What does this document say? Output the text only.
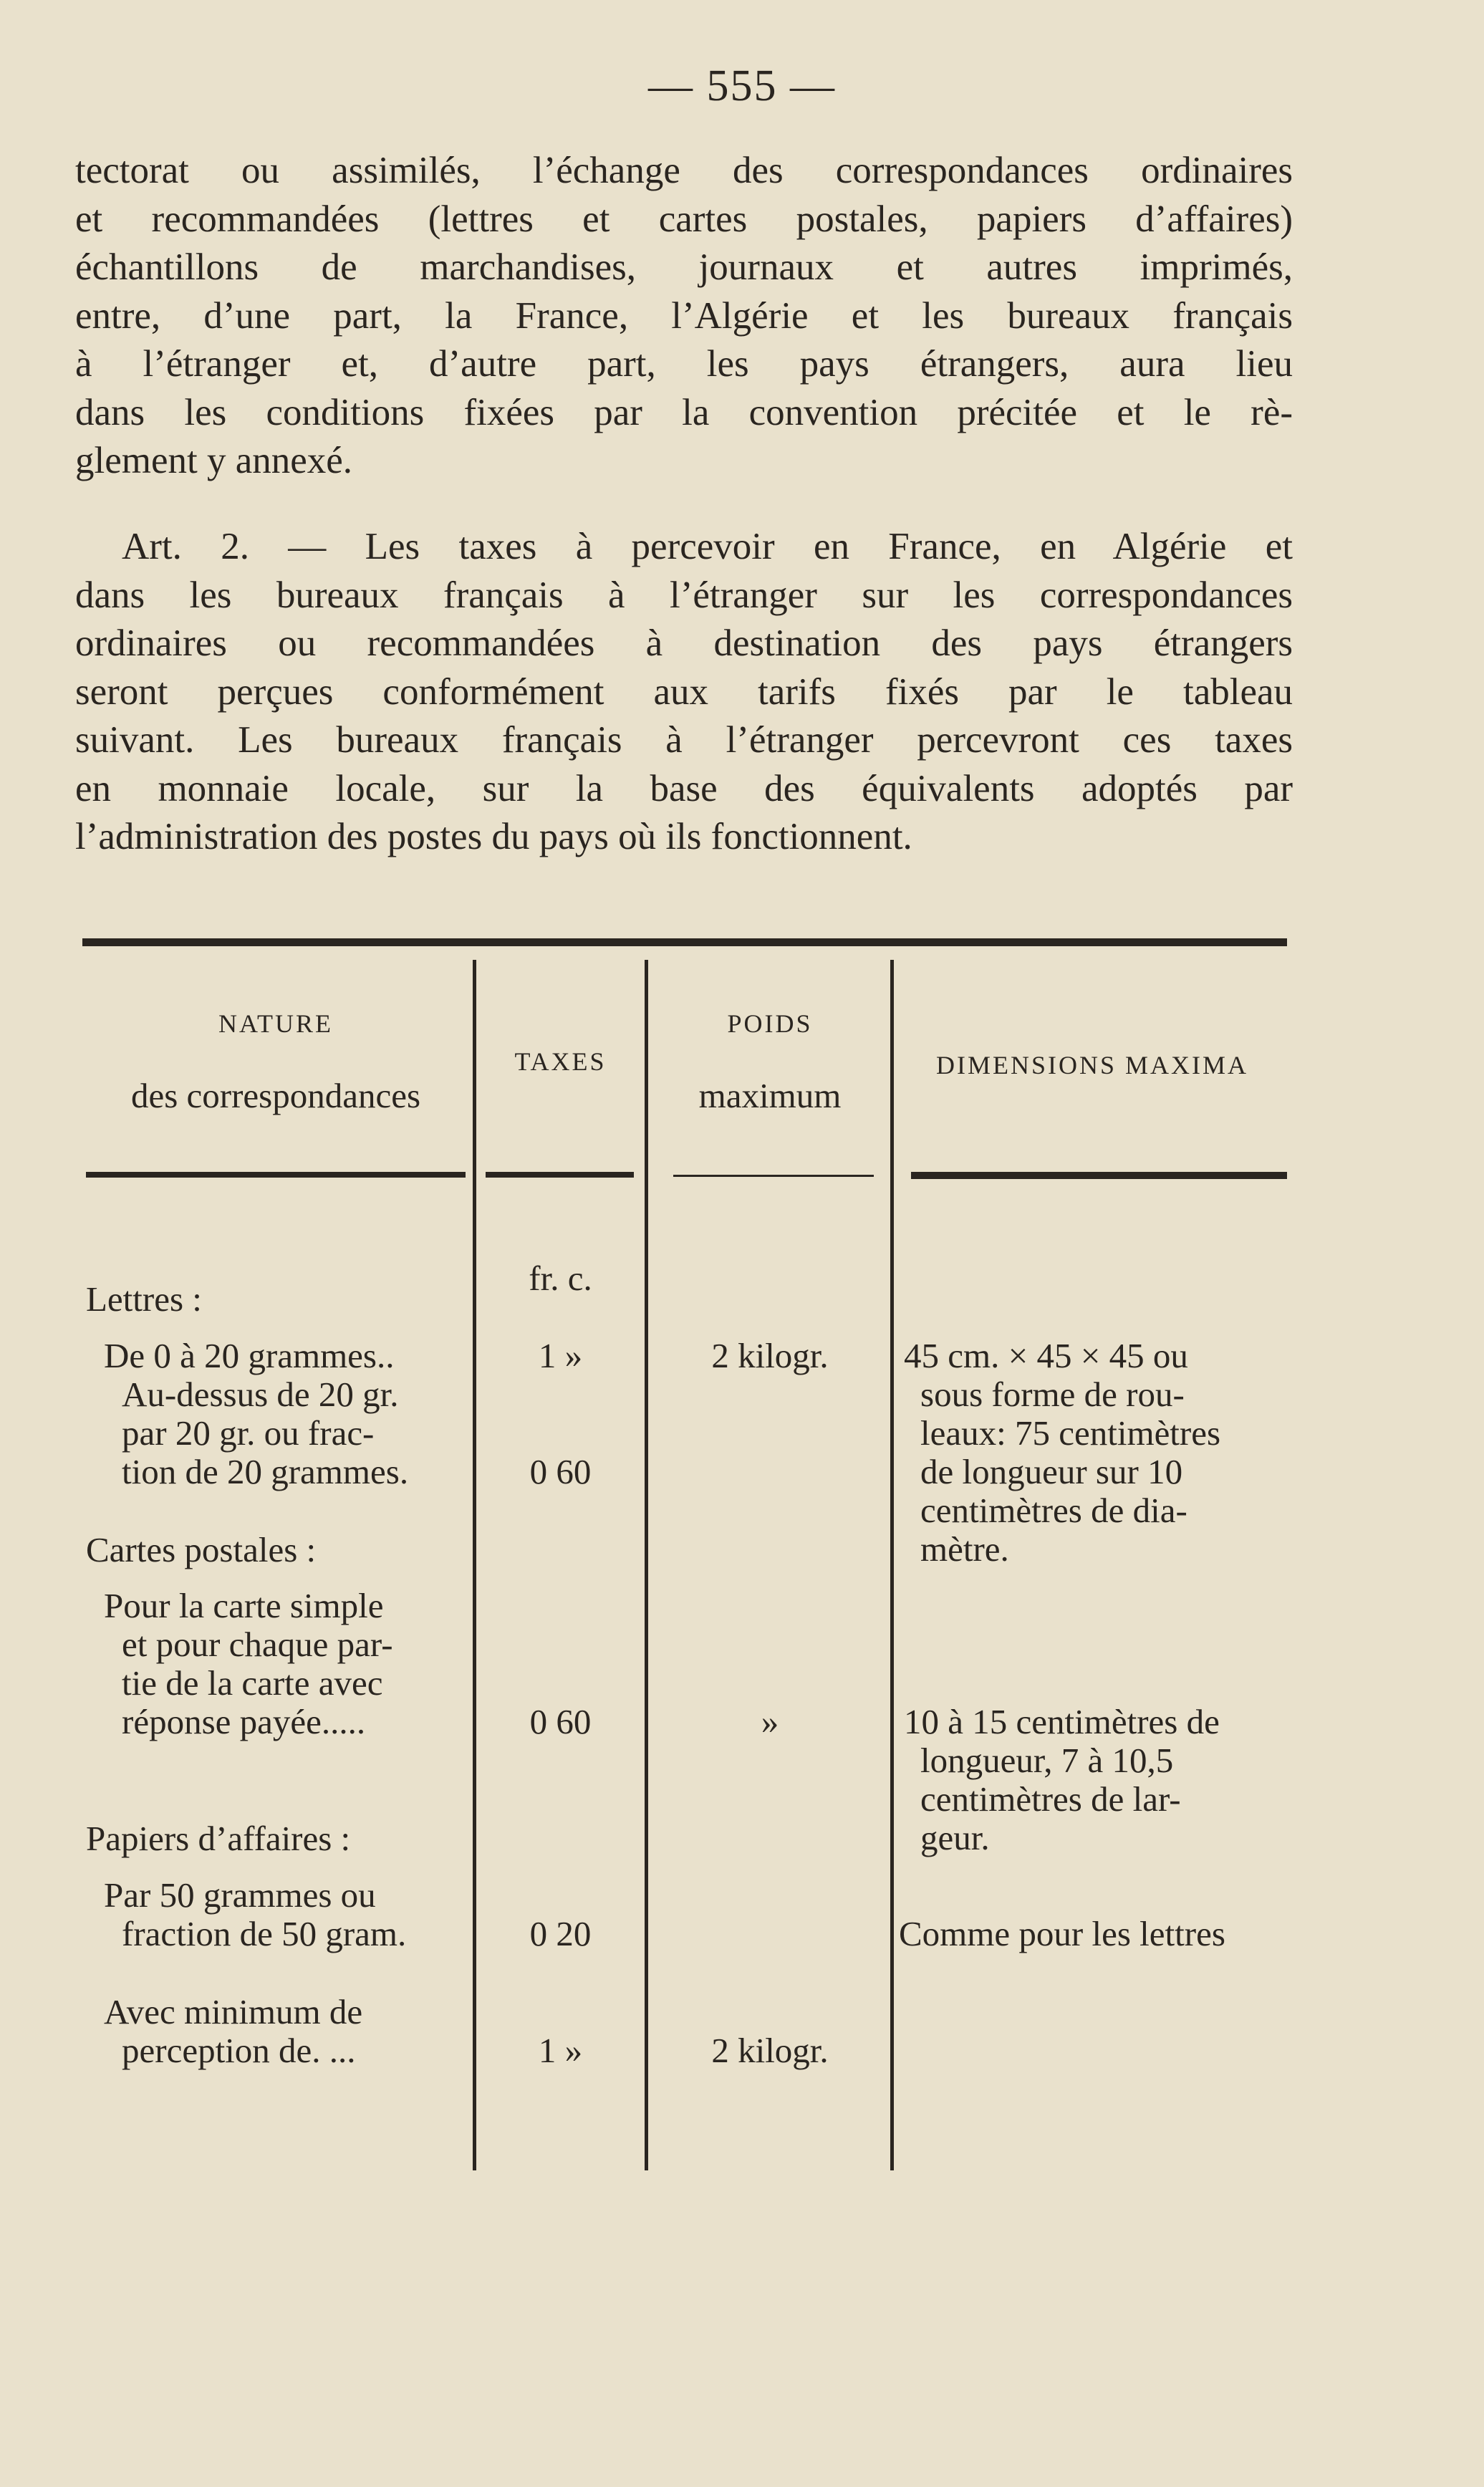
— 555 —
tectorat ou assimilés, l’échange des correspondances ordinaires
et recommandées (lettres et cartes postales, papiers d’affaires)
échantillons de marchandises, journaux et autres imprimés,
entre, d’une part, la France, l’Algérie et les bureaux français
à l’étranger et, d’autre part, les pays étrangers, aura lieu
dans les conditions fixées par la convention précitée et le rè-
glement y annexé.
Art. 2. — Les taxes à percevoir en France, en Algérie et
dans les bureaux français à l’étranger sur les correspondances
ordinaires ou recommandées à destination des pays étrangers
seront perçues conformément aux tarifs fixés par le tableau
suivant. Les bureaux français à l’étranger percevront ces taxes
en monnaie locale, sur la base des équivalents adoptés par
l’administration des postes du pays où ils fonctionnent.
NATURE
des correspondances
TAXES
POIDS
maximum
DIMENSIONS MAXIMA
fr. c.
Lettres :
De 0 à 20 grammes..
Au-dessus de 20 gr.
par 20 gr. ou frac-
tion de 20 grammes.
Cartes postales :
Pour la carte simple
et pour chaque par-
tie de la carte avec
réponse payée.....
Papiers d’affaires :
Par 50 grammes ou
fraction de 50 gram.
Avec minimum de
perception de. ...
1 »
0 60
0 60
0 20
1 »
2 kilogr.
»
2 kilogr.
45 cm. × 45 × 45 ou
sous forme de rou-
leaux: 75 centimètres
de longueur sur 10
centimètres de dia-
mètre.
10 à 15 centimètres de
longueur, 7 à 10,5
centimètres de lar-
geur.
Comme pour les lettres
